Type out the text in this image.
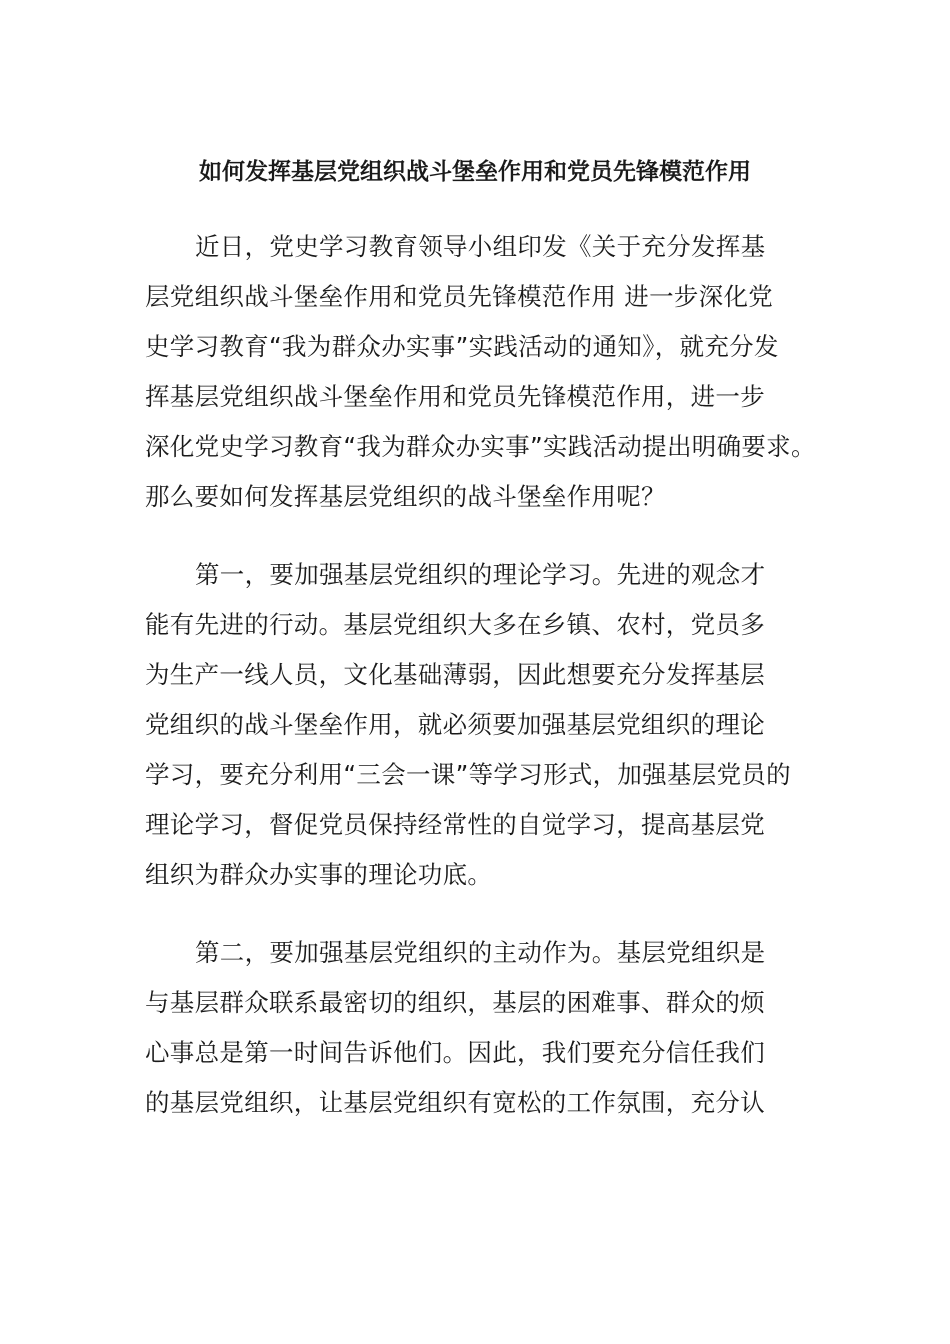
如何发挥基层党组织战斗堡垒作用和党员先锋模范作用
近日，党史学习教育领导小组印发《关于充分发挥基
层党组织战斗堡垒作用和党员先锋模范作用 进一步深化党
史学习教育“我为群众办实事”实践活动的通知》，就充分发
挥基层党组织战斗堡垒作用和党员先锋模范作用，进一步
深化党史学习教育“我为群众办实事”实践活动提出明确要求。
那么要如何发挥基层党组织的战斗堡垒作用呢？
第一，要加强基层党组织的理论学习。先进的观念才
能有先进的行动。基层党组织大多在乡镇、农村，党员多
为生产一线人员，文化基础薄弱，因此想要充分发挥基层
党组织的战斗堡垒作用，就必须要加强基层党组织的理论
学习，要充分利用“三会一课”等学习形式，加强基层党员的
理论学习，督促党员保持经常性的自觉学习，提高基层党
组织为群众办实事的理论功底。
第二，要加强基层党组织的主动作为。基层党组织是
与基层群众联系最密切的组织，基层的困难事、群众的烦
心事总是第一时间告诉他们。因此，我们要充分信任我们
的基层党组织，让基层党组织有宽松的工作氛围，充分认
